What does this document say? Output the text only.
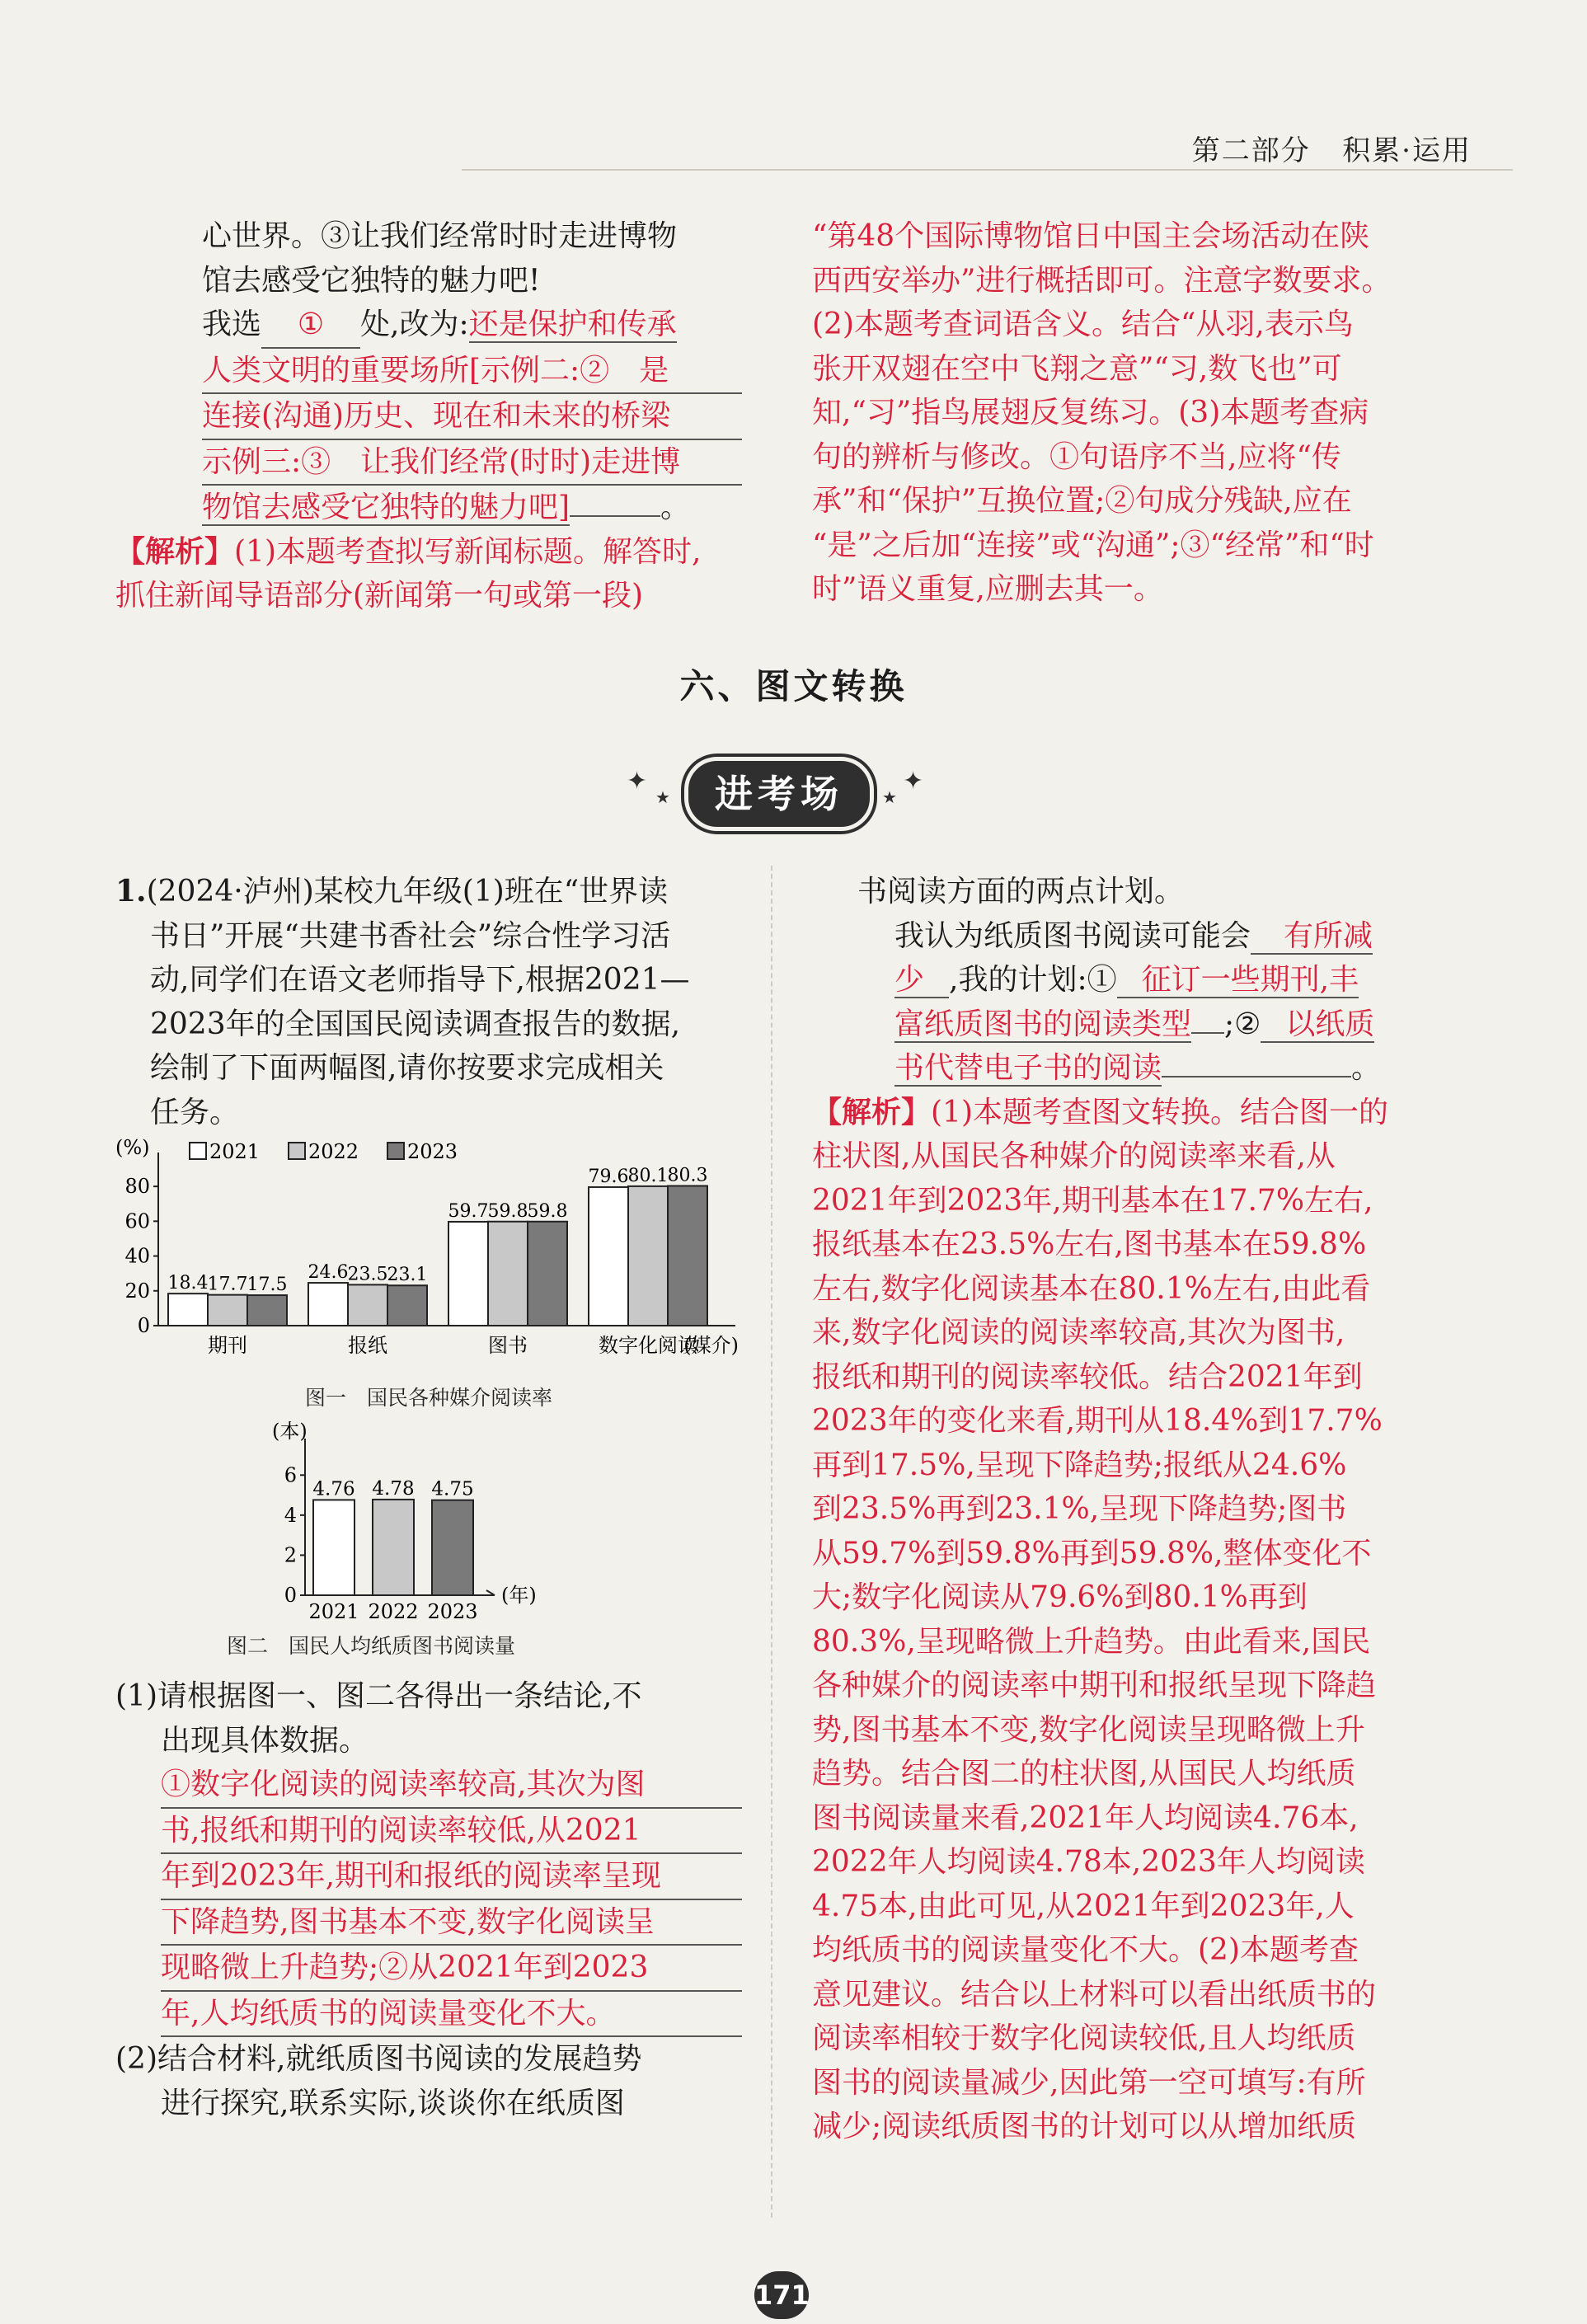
第二部分 积累·运用

心世界。③让我们经常时时走进博物

馆去感受它独特的魅力吧!

我选 ① 处,改为:还是保护和传承

人类文明的重要场所[示例二:②　是

连接(沟通)历史、现在和未来的桥梁

示例三:③　让我们经常(时时)走进博

物馆去感受它独特的魅力吧]	。

【解析】(1)本题考查拟写新闻标题。解答时,

抓住新闻导语部分(新闻第一句或第一段)

“第48个国际博物馆日中国主会场活动在陕

西西安举办”进行概括即可。注意字数要求。

(2)本题考查词语含义。结合“从羽,表示鸟

张开双翅在空中飞翔之意”“习,数飞也”可

知,“习”指鸟展翅反复练习。(3)本题考查病

句的辨析与修改。①句语序不当,应将“传

承”和“保护”互换位置;②句成分残缺,应在

“是”之后加“连接”或“沟通”;③“经常”和“时

时”语义重复,应删去其一。

六、图文转换
✦
★	进考场	★
✦

1.(2024·泸州)某校九年级(1)班在“世界读

书日”开展“共建书香社会”综合性学习活

动,同学们在语文老师指导下,根据2021—

2023年的全国国民阅读调查报告的数据,

绘制了下面两幅图,请你按要求完成相关

任务。

(%)
0
20
40
60
80
2021 2022 2023
18.4 17.7 17.5
期刊
24.6 23.5 23.1
报纸
59.7 59.8 59.8
图书
79.6 80.1 80.3
数字化阅读
(媒介)
图一　国民各种媒介阅读率
(本)
0
2
4
6
4.76
2021
4.78
2022
4.75
2023
(年)
图二　国民人均纸质图书阅读量

(1)请根据图一、图二各得出一条结论,不

出现具体数据。

①数字化阅读的阅读率较高,其次为图

书,报纸和期刊的阅读率较低,从2021

年到2023年,期刊和报纸的阅读率呈现

下降趋势,图书基本不变,数字化阅读呈

现略微上升趋势;②从2021年到2023

年,人均纸质书的阅读量变化不大。

(2)结合材料,就纸质图书阅读的发展趋势

进行探究,联系实际,谈谈你在纸质图

书阅读方面的两点计划。

我认为纸质图书阅读可能会 有所减

少 ,我的计划:① 征订一些期刊,丰

富纸质图书的阅读类型 ;② 以纸质

书代替电子书的阅读	。

【解析】(1)本题考查图文转换。结合图一的

柱状图,从国民各种媒介的阅读率来看,从

2021年到2023年,期刊基本在17.7%左右,

报纸基本在23.5%左右,图书基本在59.8%

左右,数字化阅读基本在80.1%左右,由此看

来,数字化阅读的阅读率较高,其次为图书,

报纸和期刊的阅读率较低。结合2021年到

2023年的变化来看,期刊从18.4%到17.7%

再到17.5%,呈现下降趋势;报纸从24.6%

到23.5%再到23.1%,呈现下降趋势;图书

从59.7%到59.8%再到59.8%,整体变化不

大;数字化阅读从79.6%到80.1%再到

80.3%,呈现略微上升趋势。由此看来,国民

各种媒介的阅读率中期刊和报纸呈现下降趋

势,图书基本不变,数字化阅读呈现略微上升

趋势。结合图二的柱状图,从国民人均纸质

图书阅读量来看,2021年人均阅读4.76本,

2022年人均阅读4.78本,2023年人均阅读

4.75本,由此可见,从2021年到2023年,人

均纸质书的阅读量变化不大。(2)本题考查

意见建议。结合以上材料可以看出纸质书的

阅读率相较于数字化阅读较低,且人均纸质

图书的阅读量减少,因此第一空可填写:有所

减少;阅读纸质图书的计划可以从增加纸质

171
